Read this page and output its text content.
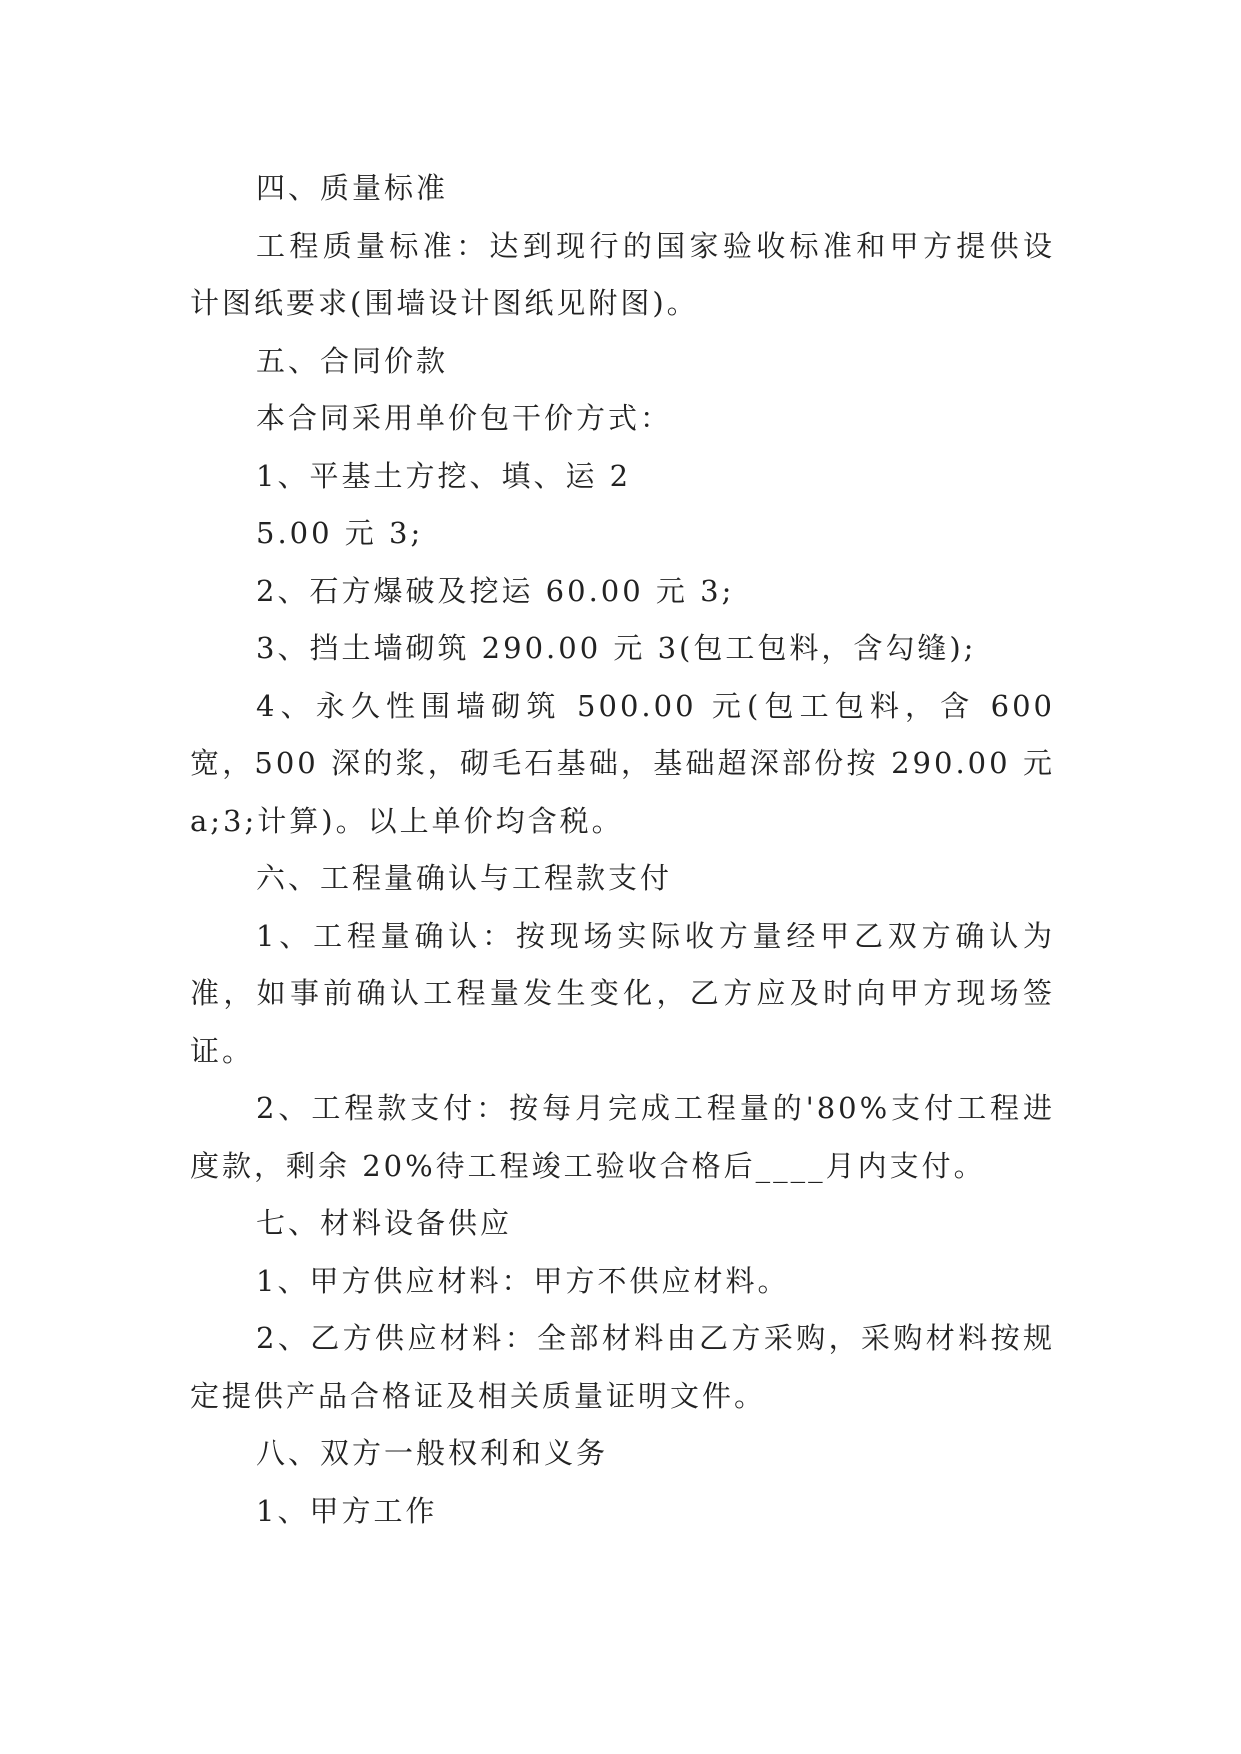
四、质量标准

工程质量标准：达到现行的国家验收标准和甲方提供设计图纸要求(围墙设计图纸见附图)。

五、合同价款

本合同采用单价包干价方式：

1、平基土方挖、填、运 2

5.00 元 3;

2、石方爆破及挖运 60.00 元 3;

3、挡土墙砌筑 290.00 元 3(包工包料，含勾缝);

4、永久性围墙砌筑 500.00 元(包工包料，含 600 宽，500 深的浆，砌毛石基础，基础超深部份按 290.00 元 a;3;计算)。以上单价均含税。

六、工程量确认与工程款支付

1、工程量确认：按现场实际收方量经甲乙双方确认为准，如事前确认工程量发生变化，乙方应及时向甲方现场签证。

2、工程款支付：按每月完成工程量的'80%支付工程进度款，剩余 20%待工程竣工验收合格后____月内支付。

七、材料设备供应

1、甲方供应材料：甲方不供应材料。

2、乙方供应材料：全部材料由乙方采购，采购材料按规定提供产品合格证及相关质量证明文件。

八、双方一般权利和义务

1、甲方工作
